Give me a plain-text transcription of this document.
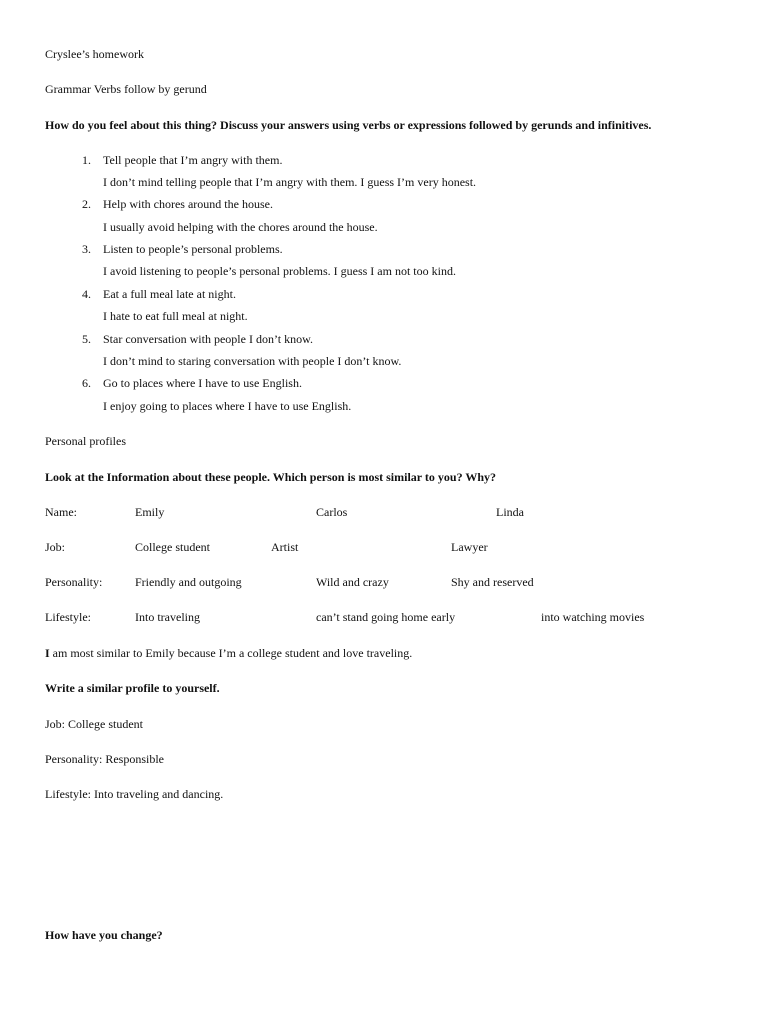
Cryslee’s homework
Grammar Verbs follow by gerund
How do you feel about this thing? Discuss your answers using verbs or expressions followed by gerunds and infinitives.
1. Tell people that I’m angry with them.
I don’t mind telling people that I’m angry with them. I guess I’m very honest.
2. Help with chores around the house.
I usually avoid helping with the chores around the house.
3. Listen to people’s personal problems.
I avoid listening to people’s personal problems. I guess I am not too kind.
4. Eat a full meal late at night.
I hate to eat full meal at night.
5. Star conversation with people I don’t know.
I don’t mind to staring conversation with people I don’t know.
6. Go to places where I have to use English.
I enjoy going to places where I have to use English.
Personal profiles
Look at the Information about these people. Which person is most similar to you? Why?
Name:	Emily	Carlos	Linda
Job:	College student	Artist	Lawyer
Personality:	Friendly and outgoing	Wild and crazy	Shy and reserved
Lifestyle:	Into traveling	can’t stand going home early	into watching movies
I am most similar to Emily because I’m a college student and love traveling.
Write a similar profile to yourself.
Job: College student
Personality: Responsible
Lifestyle: Into traveling and dancing.
How have you change?
